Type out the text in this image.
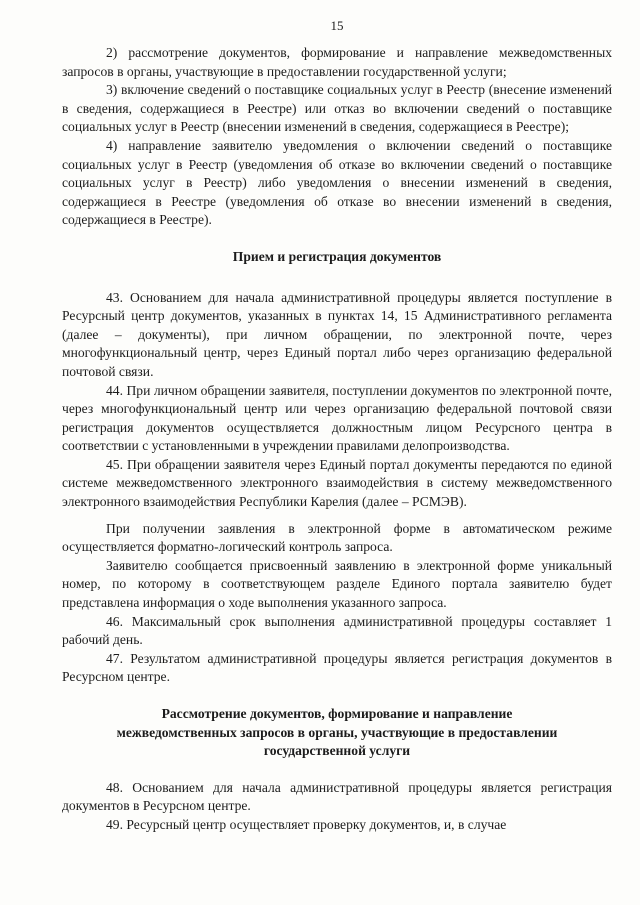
15

2) рассмотрение документов, формирование и направление межведомственных запросов в органы, участвующие в предоставлении государственной услуги;

3) включение сведений о поставщике социальных услуг в Реестр (внесение изменений в сведения, содержащиеся в Реестре) или отказ во включении сведений о поставщике социальных услуг в Реестр (внесении изменений в сведения, содержащиеся в Реестре);

4) направление заявителю уведомления о включении сведений о поставщике социальных услуг в Реестр (уведомления об отказе во включении сведений о поставщике социальных услуг в Реестр) либо уведомления о внесении изменений в сведения, содержащиеся в Реестре (уведомления об отказе во внесении изменений в сведения, содержащиеся в Реестре).

Прием и регистрация документов

43. Основанием для начала административной процедуры является поступление в Ресурсный центр документов, указанных в пунктах 14, 15 Административного регламента (далее – документы), при личном обращении, по электронной почте, через многофункциональный центр, через Единый портал либо через организацию федеральной почтовой связи.

44. При личном обращении заявителя, поступлении документов по электронной почте, через многофункциональный центр или через организацию федеральной почтовой связи регистрация документов осуществляется должностным лицом Ресурсного центра в соответствии с установленными в учреждении правилами делопроизводства.

45. При обращении заявителя через Единый портал документы передаются по единой системе межведомственного электронного взаимодействия в систему межведомственного электронного взаимодействия Республики Карелия (далее – РСМЭВ).

При получении заявления в электронной форме в автоматическом режиме осуществляется форматно-логический контроль запроса.

Заявителю сообщается присвоенный заявлению в электронной форме уникальный номер, по которому в соответствующем разделе Единого портала заявителю будет представлена информация о ходе выполнения указанного запроса.

46. Максимальный срок выполнения административной процедуры составляет 1 рабочий день.

47. Результатом административной процедуры является регистрация документов в Ресурсном центре.

Рассмотрение документов, формирование и направление
межведомственных запросов в органы, участвующие в предоставлении
государственной услуги

48. Основанием для начала административной процедуры является регистрация документов в Ресурсном центре.

49. Ресурсный центр осуществляет проверку документов, и, в случае
